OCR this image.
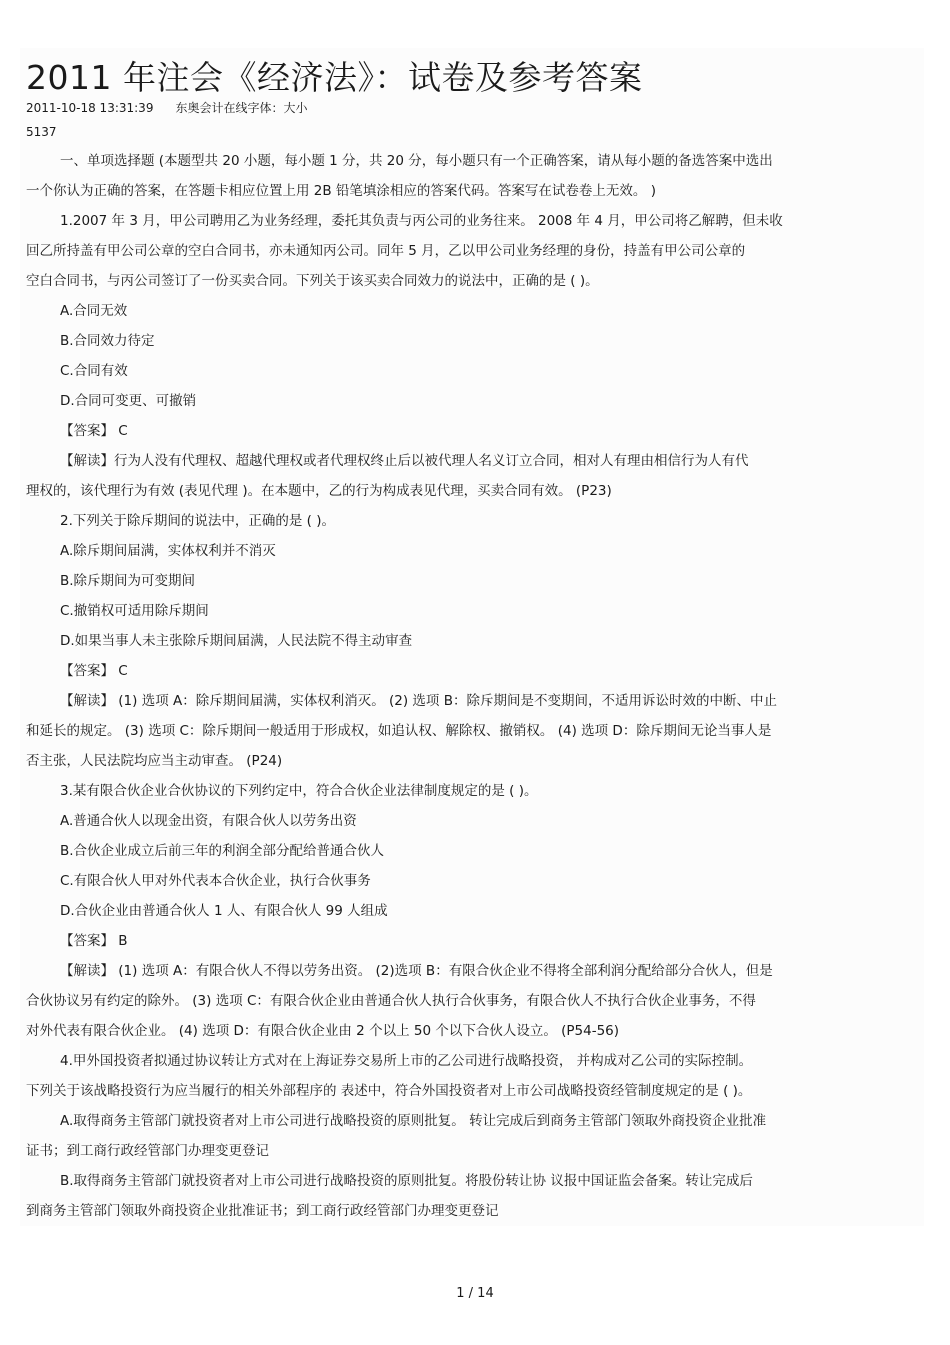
2011 年注会《经济法》：试卷及参考答案
2011-10-18 13:31:39 东奥会计在线字体：大小
5137

一、单项选择题 (本题型共 20 小题，每小题 1 分，共 20 分，每小题只有一个正确答案，请从每小题的备选答案中选出

一个你认为正确的答案，在答题卡相应位置上用 2B 铅笔填涂相应的答案代码。答案写在试卷卷上无效。 )

1.2007 年 3 月，甲公司聘用乙为业务经理，委托其负责与丙公司的业务往来。 2008 年 4 月，甲公司将乙解聘，但未收

回乙所持盖有甲公司公章的空白合同书，亦未通知丙公司。同年 5 月，乙以甲公司业务经理的身份，持盖有甲公司公章的

空白合同书，与丙公司签订了一份买卖合同。下列关于该买卖合同效力的说法中，正确的是 ( )。

A.合同无效

B.合同效力待定

C.合同有效

D.合同可变更、可撤销

【答案】 C

【解读】行为人没有代理权、超越代理权或者代理权终止后以被代理人名义订立合同，相对人有理由相信行为人有代

理权的，该代理行为有效 (表见代理 )。在本题中，乙的行为构成表见代理，买卖合同有效。 (P23)

2.下列关于除斥期间的说法中，正确的是 ( )。

A.除斥期间届满，实体权利并不消灭

B.除斥期间为可变期间

C.撤销权可适用除斥期间

D.如果当事人未主张除斥期间届满，人民法院不得主动审查

【答案】 C

【解读】 (1) 选项 A：除斥期间届满，实体权利消灭。 (2) 选项 B：除斥期间是不变期间，不适用诉讼时效的中断、中止

和延长的规定。 (3) 选项 C：除斥期间一般适用于形成权，如追认权、解除权、撤销权。 (4) 选项 D：除斥期间无论当事人是

否主张，人民法院均应当主动审查。 (P24)

3.某有限合伙企业合伙协议的下列约定中，符合合伙企业法律制度规定的是 ( )。

A.普通合伙人以现金出资，有限合伙人以劳务出资

B.合伙企业成立后前三年的利润全部分配给普通合伙人

C.有限合伙人甲对外代表本合伙企业，执行合伙事务

D.合伙企业由普通合伙人 1 人、有限合伙人 99 人组成

【答案】 B

【解读】 (1) 选项 A：有限合伙人不得以劳务出资。 (2)选项 B：有限合伙企业不得将全部利润分配给部分合伙人，但是

合伙协议另有约定的除外。 (3) 选项 C：有限合伙企业由普通合伙人执行合伙事务，有限合伙人不执行合伙企业事务，不得

对外代表有限合伙企业。 (4) 选项 D：有限合伙企业由 2 个以上 50 个以下合伙人设立。 (P54-56)

4.甲外国投资者拟通过协议转让方式对在上海证券交易所上市的乙公司进行战略投资， 并构成对乙公司的实际控制。

下列关于该战略投资行为应当履行的相关外部程序的 表述中，符合外国投资者对上市公司战略投资经管制度规定的是 ( )。

A.取得商务主管部门就投资者对上市公司进行战略投资的原则批复。 转让完成后到商务主管部门领取外商投资企业批准

证书；到工商行政经管部门办理变更登记

B.取得商务主管部门就投资者对上市公司进行战略投资的原则批复。将股份转让协 议报中国证监会备案。转让完成后

到商务主管部门领取外商投资企业批准证书；到工商行政经管部门办理变更登记

1 / 14
